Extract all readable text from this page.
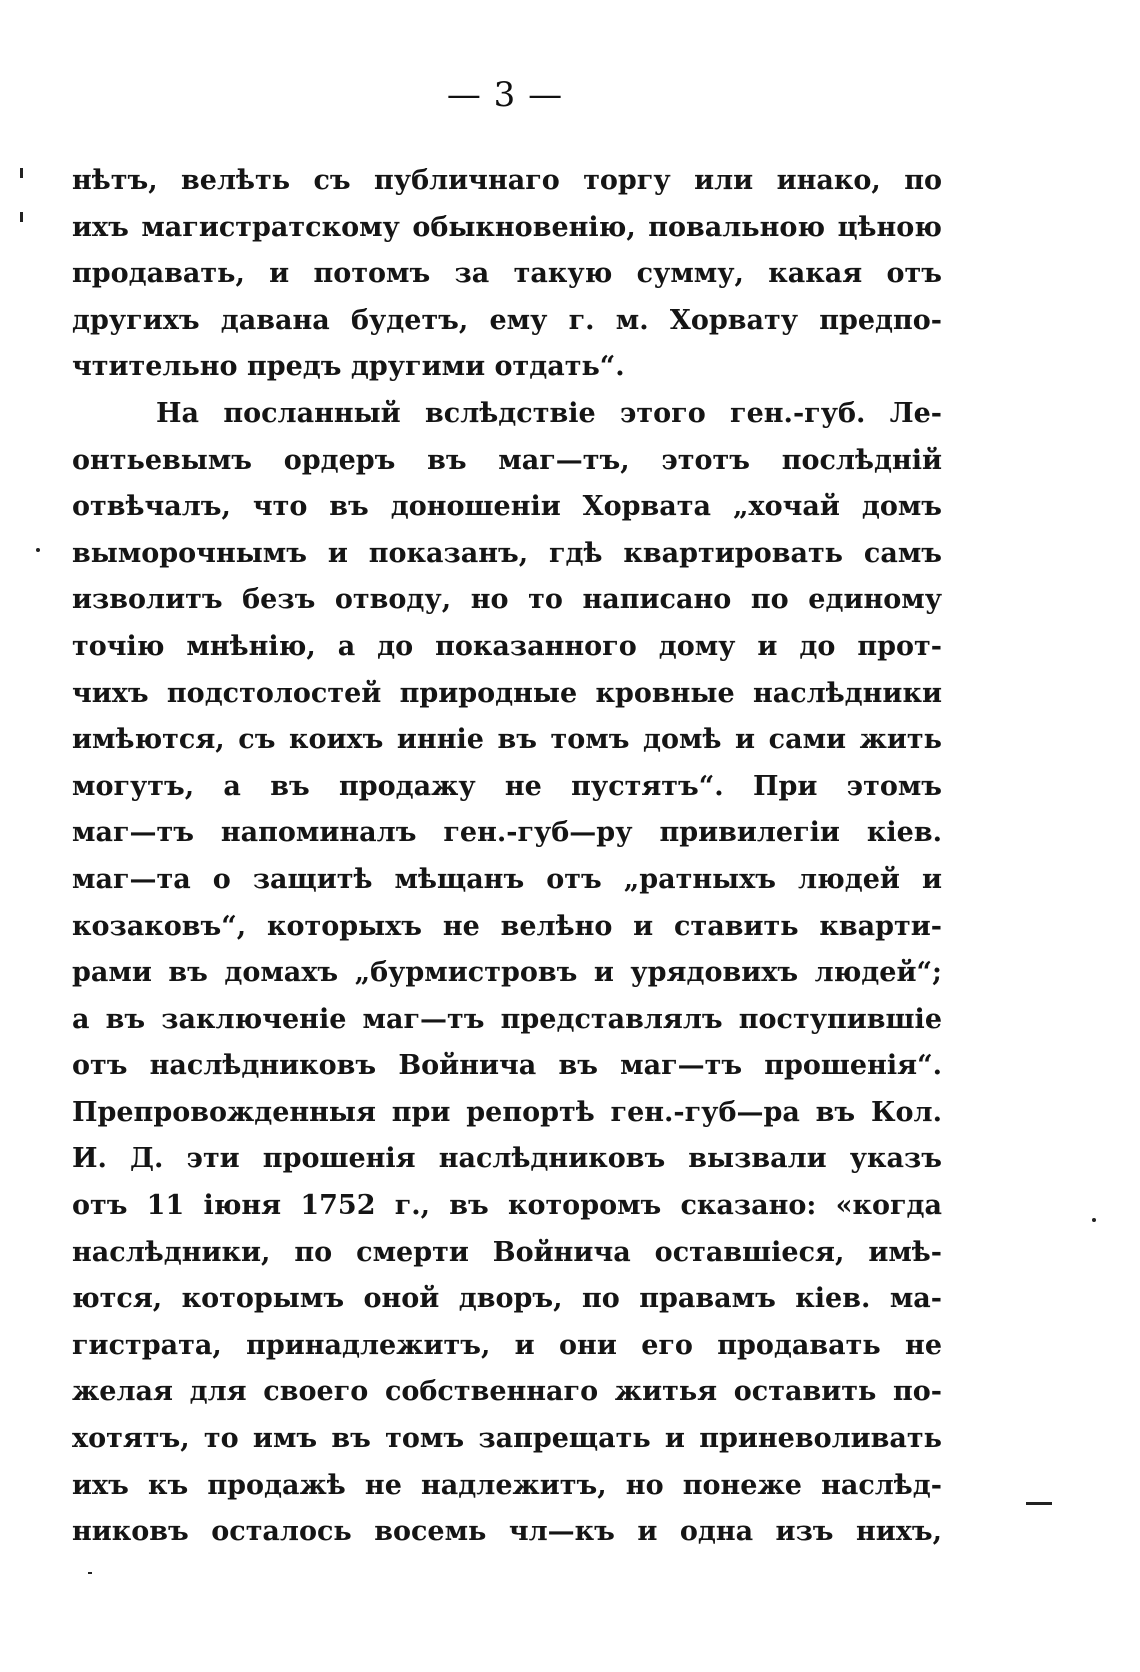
— 3 —
нѣтъ, велѣть съ публичнаго торгу или инако, по
ихъ магистратскому обыкновенію, повальною цѣною
продавать, и потомъ за такую сумму, какая отъ
другихъ давана будетъ, ему г. м. Хорвату предпо-
чтительно предъ другими отдать“.
На посланный вслѣдствіе этого ген.-губ. Ле-
онтьевымъ ордеръ въ маг—тъ, этотъ послѣдній
отвѣчалъ, что въ доношеніи Хорвата „хочай домъ
выморочнымъ и показанъ, гдѣ квартировать самъ
изволитъ безъ отводу, но то написано по единому
точію мнѣнію, а до показанного дому и до прот-
чихъ подстолостей природные кровные наслѣдники
имѣются, съ коихъ инніе въ томъ домѣ и сами жить
могутъ, а въ продажу не пустятъ“. При этомъ
маг—тъ напоминалъ ген.-губ—ру привилегіи кіев.
маг—та о защитѣ мѣщанъ отъ „ратныхъ людей и
козаковъ“, которыхъ не велѣно и ставить кварти-
рами въ домахъ „бурмистровъ и урядовихъ людей“;
а въ заключеніе маг—тъ представлялъ поступившіе
отъ наслѣдниковъ Войнича въ маг—тъ прошенія“.
Препровожденныя при репортѣ ген.-губ—ра въ Кол.
И. Д. эти прошенія наслѣдниковъ вызвали указъ
отъ 11 іюня 1752 г., въ которомъ сказано: «когда
наслѣдники, по смерти Войнича оставшіеся, имѣ-
ются, которымъ оной дворъ, по правамъ кіев. ма-
гистрата, принадлежитъ, и они его продавать не
желая для своего собственнаго житья оставить по-
хотятъ, то имъ въ томъ запрещать и приневоливать
ихъ къ продажѣ не надлежитъ, но понеже наслѣд-
никовъ осталось восемь чл—къ и одна изъ нихъ,
